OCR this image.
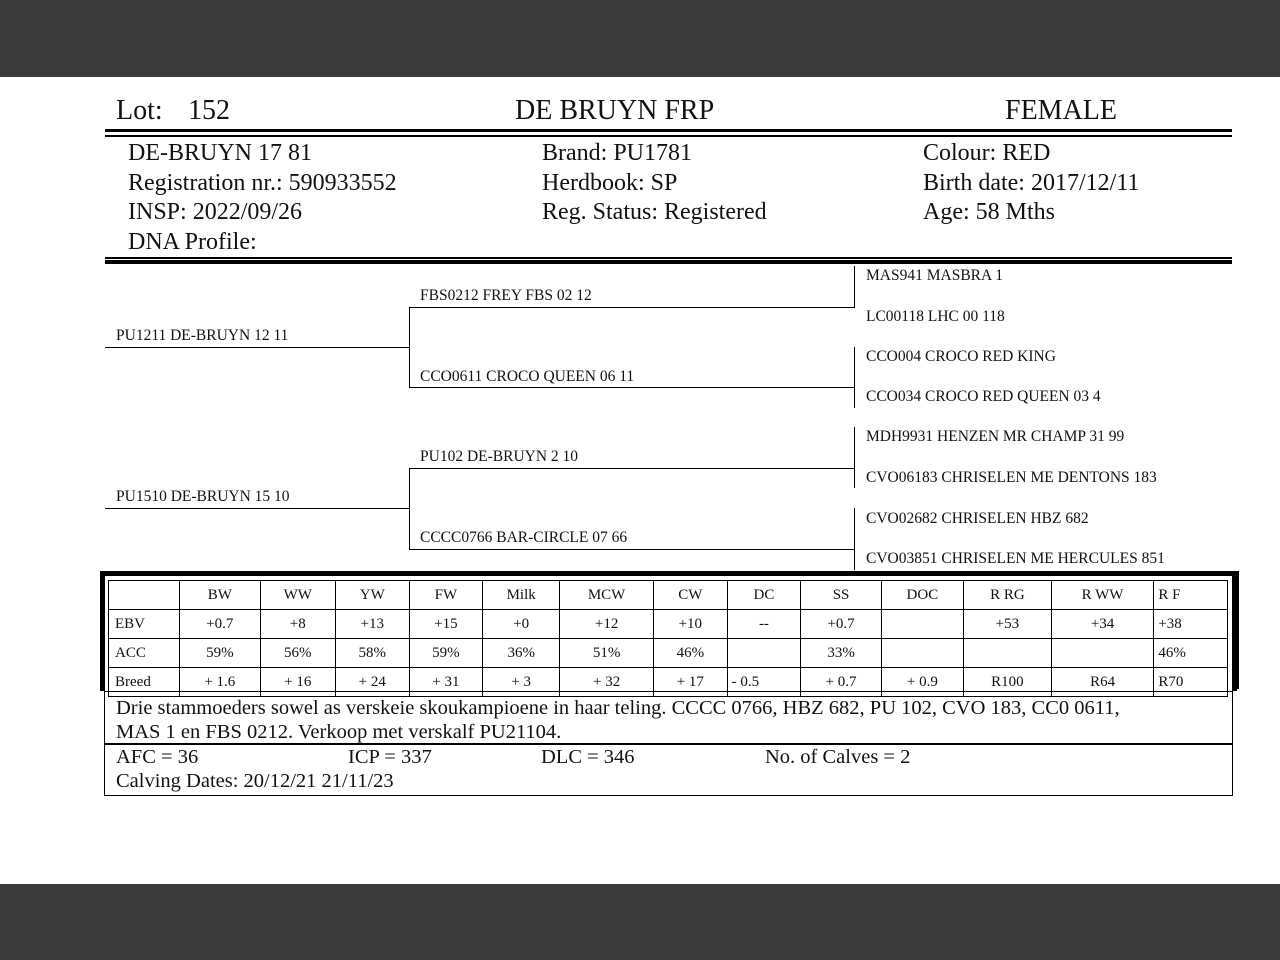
Lot: 152	DE BRUYN FRP	FEMALE
DE-BRUYN 17 81
Registration nr.: 590933552
INSP: 2022/09/26
DNA Profile:
Brand: PU1781
Herdbook: SP
Reg. Status: Registered
Colour: RED
Birth date: 2017/12/11
Age: 58 Mths
PU1211 DE-BRUYN 12 11
FBS0212 FREY FBS 02 12
CCO0611 CROCO QUEEN 06 11
PU1510 DE-BRUYN 15 10
PU102 DE-BRUYN 2 10
CCCC0766 BAR-CIRCLE 07 66
MAS941 MASBRA 1
LC00118 LHC 00 118
CCO004 CROCO RED KING
CCO034 CROCO RED QUEEN 03 4
MDH9931 HENZEN MR CHAMP 31 99
CVO06183 CHRISELEN ME DENTONS 183
CVO02682 CHRISELEN HBZ 682
CVO03851 CHRISELEN ME HERCULES 851
	BW	WW	YW	FW	Milk	MCW	CW	DC	SS	DOC	R RG	R WW	R F
EBV	+0.7	+8	+13	+15	+0	+12	+10	--	+0.7		+53	+34	+38
ACC	59%	56%	58%	59%	36%	51%	46%		33%				46%
Breed	+ 1.6	+ 16	+ 24	+ 31	+ 3	+ 32	+ 17	- 0.5	+ 0.7	+ 0.9	R100	R64	R70
Drie stammoeders sowel as verskeie skoukampioene in haar teling. CCCC 0766, HBZ 682, PU 102, CVO 183, CC0 0611,
MAS 1 en FBS 0212. Verkoop met verskalf PU21104.
AFC = 36	ICP = 337	DLC = 346	No. of Calves = 2
Calving Dates: 20/12/21 21/11/23
